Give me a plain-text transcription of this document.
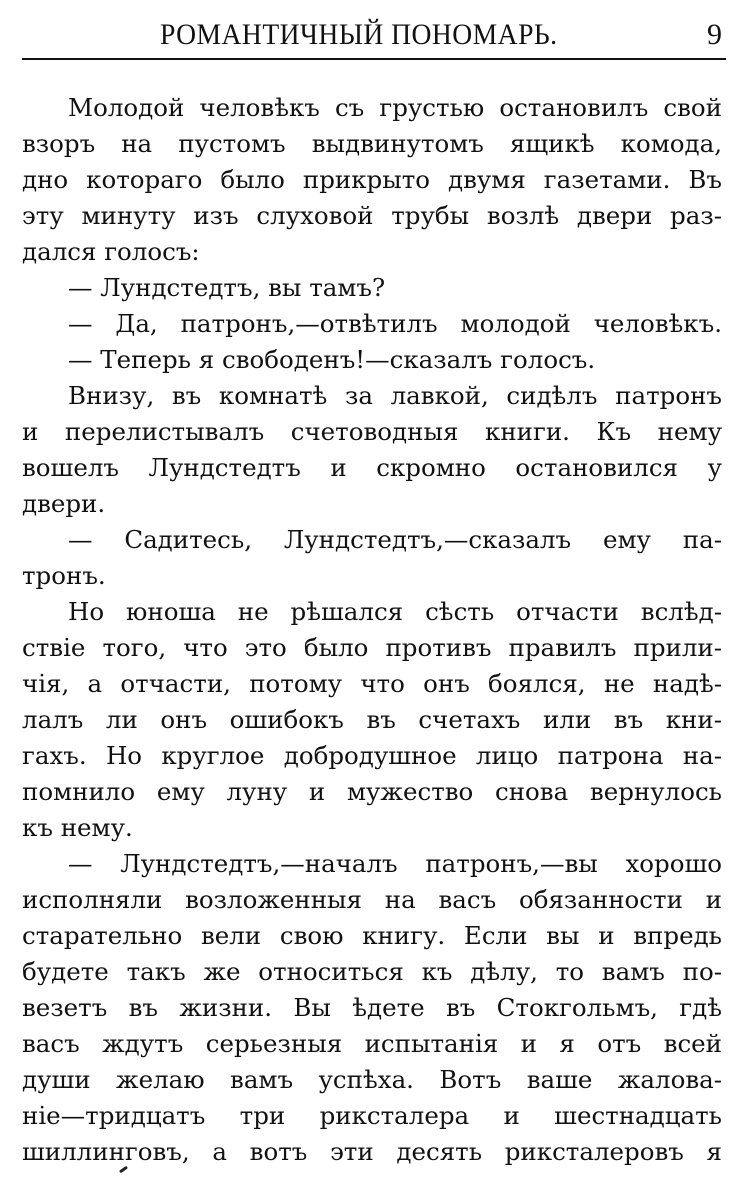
РОМАНТИЧНЫЙ ПОНОМАРЬ.	9
Молодой человѣкъ съ грустью остановилъ свой
взоръ на пустомъ выдвинутомъ ящикѣ комода,
дно котораго было прикрыто двумя газетами. Въ
эту минуту изъ слуховой трубы возлѣ двери раз-
дался голосъ:
— Лундстедтъ, вы тамъ?
— Да, патронъ,—отвѣтилъ молодой человѣкъ.
— Теперь я свободенъ!—сказалъ голосъ.
Внизу, въ комнатѣ за лавкой, сидѣлъ патронъ
и перелистывалъ счетоводныя книги. Къ нему
вошелъ Лундстедтъ и скромно остановился у
двери.
— Садитесь, Лундстедтъ,—сказалъ ему па-
тронъ.
Но юноша не рѣшался сѣсть отчасти вслѣд-
ствіе того, что это было противъ правилъ прили-
чія, а отчасти, потому что онъ боялся, не надѣ-
лалъ ли онъ ошибокъ въ счетахъ или въ кни-
гахъ. Но круглое добродушное лицо патрона на-
помнило ему луну и мужество снова вернулось
къ нему.
— Лундстедтъ,—началъ патронъ,—вы хорошо
исполняли возложенныя на васъ обязанности и
старательно вели свою книгу. Если вы и впредь
будете такъ же относиться къ дѣлу, то вамъ по-
везетъ въ жизни. Вы ѣдете въ Стокгольмъ, гдѣ
васъ ждутъ серьезныя испытанія и я отъ всей
души желаю вамъ успѣха. Вотъ ваше жалова-
ніе—тридцатъ три риксталера и шестнадцать
шиллинговъ, а вотъ эти десять риксталеровъ я
